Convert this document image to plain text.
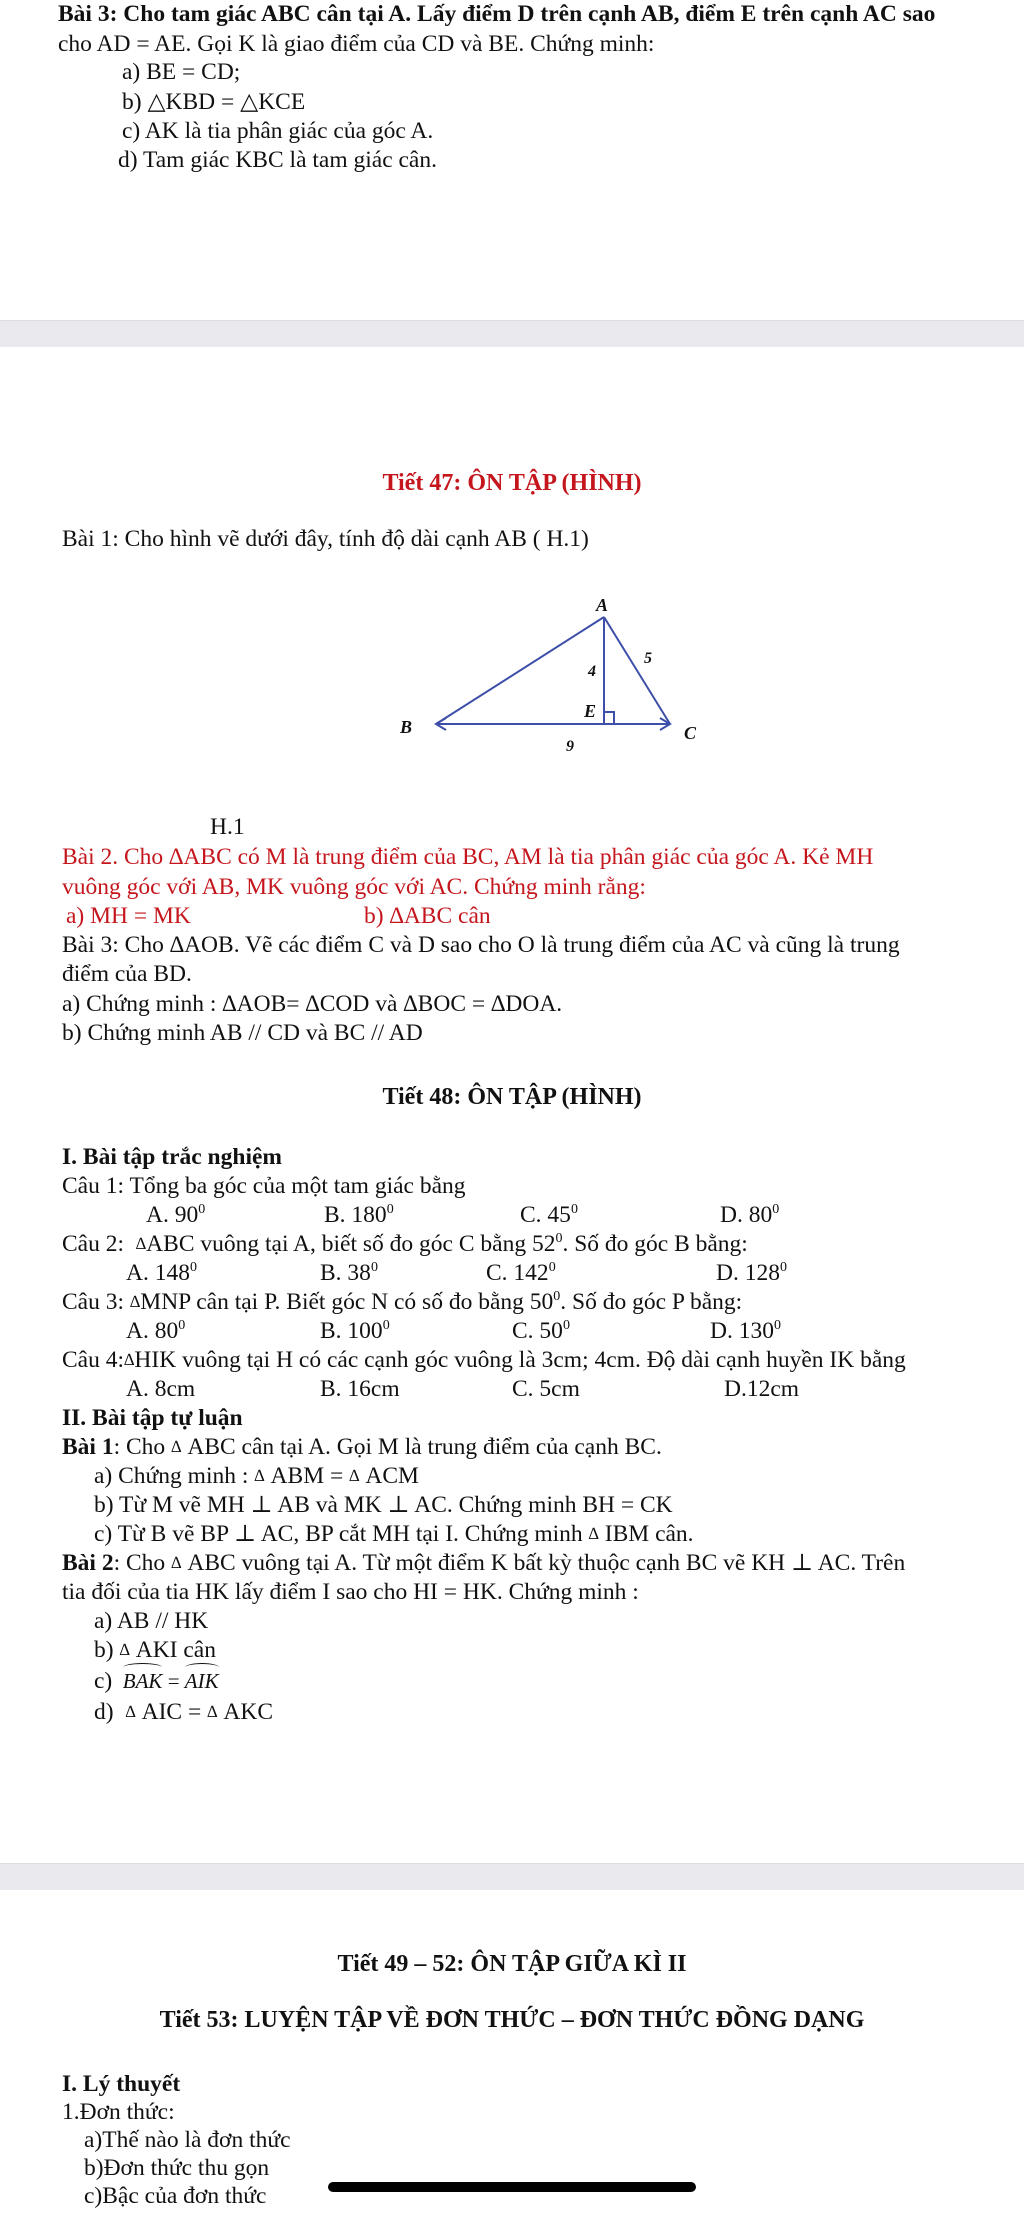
Bài 3: Cho tam giác ABC cân tại A. Lấy điểm D trên cạnh AB, điểm E trên cạnh AC sao
cho AD = AE. Gọi K là giao điểm của CD và BE. Chứng minh:
a) BE = CD;
b) △KBD = △KCE
c) AK là tia phân giác của góc A.
d) Tam giác KBC là tam giác cân.
Tiết 47: ÔN TẬP (HÌNH)
Bài 1: Cho hình vẽ dưới đây, tính độ dài cạnh AB ( H.1)
A
B	C
E
4
5
9
H.1
Bài 2. Cho ∆ABC có M là trung điểm của BC, AM là tia phân giác của góc A. Kẻ MH
vuông góc với AB, MK vuông góc với AC. Chứng minh rằng:
a) MH = MK	b) ∆ABC cân
Bài 3: Cho ∆AOB. Vẽ các điểm C và D sao cho O là trung điểm của AC và cũng là trung
điểm của BD.
a) Chứng minh : ∆AOB= ∆COD và ∆BOC = ∆DOA.
b) Chứng minh AB // CD và BC // AD
Tiết 48: ÔN TẬP (HÌNH)
I. Bài tập trắc nghiệm
Câu 1: Tổng ba góc của một tam giác bằng
A. $90^0$	B. $180^0$	C. $45^0$	D. $80^0$
Câu 2: ∆ABC vuông tại A, biết số đo góc C bằng $52^0$. Số đo góc B bằng:
A. $148^0$	B. $38^0$	C. $142^0$	D. $128^0$
Câu 3: ∆MNP cân tại P. Biết góc N có số đo bằng $50^0$. Số đo góc P bằng:
A. $80^0$	B. $100^0$	C. $50^0$	D. $130^0$
Câu 4:∆HIK vuông tại H có các cạnh góc vuông là 3cm; 4cm. Độ dài cạnh huyền IK bằng
A. 8cm	B. 16cm	C. 5cm	D.12cm
II. Bài tập tự luận
Bài 1: Cho ∆ ABC cân tại A. Gọi M là trung điểm của cạnh BC.
a) Chứng minh : ∆ ABM = ∆ ACM
b) Từ M vẽ MH ⊥ AB và MK ⊥ AC. Chứng minh BH = CK
c) Từ B vẽ BP ⊥ AC, BP cắt MH tại I. Chứng minh ∆ IBM cân.
Bài 2: Cho ∆ ABC vuông tại A. Từ một điểm K bất kỳ thuộc cạnh BC vẽ KH ⊥ AC. Trên
tia đối của tia HK lấy điểm I sao cho HI = HK. Chứng minh :
a) AB // HK
b) ∆ AKI cân
c) BAK = AIK
d) ∆ AIC = ∆ AKC
Tiết 49 – 52: ÔN TẬP GIỮA KÌ II
Tiết 53: LUYỆN TẬP VỀ ĐƠN THỨC – ĐƠN THỨC ĐỒNG DẠNG
I. Lý thuyết
1.Đơn thức:
a)Thế nào là đơn thức
b)Đơn thức thu gọn
c)Bậc của đơn thức
